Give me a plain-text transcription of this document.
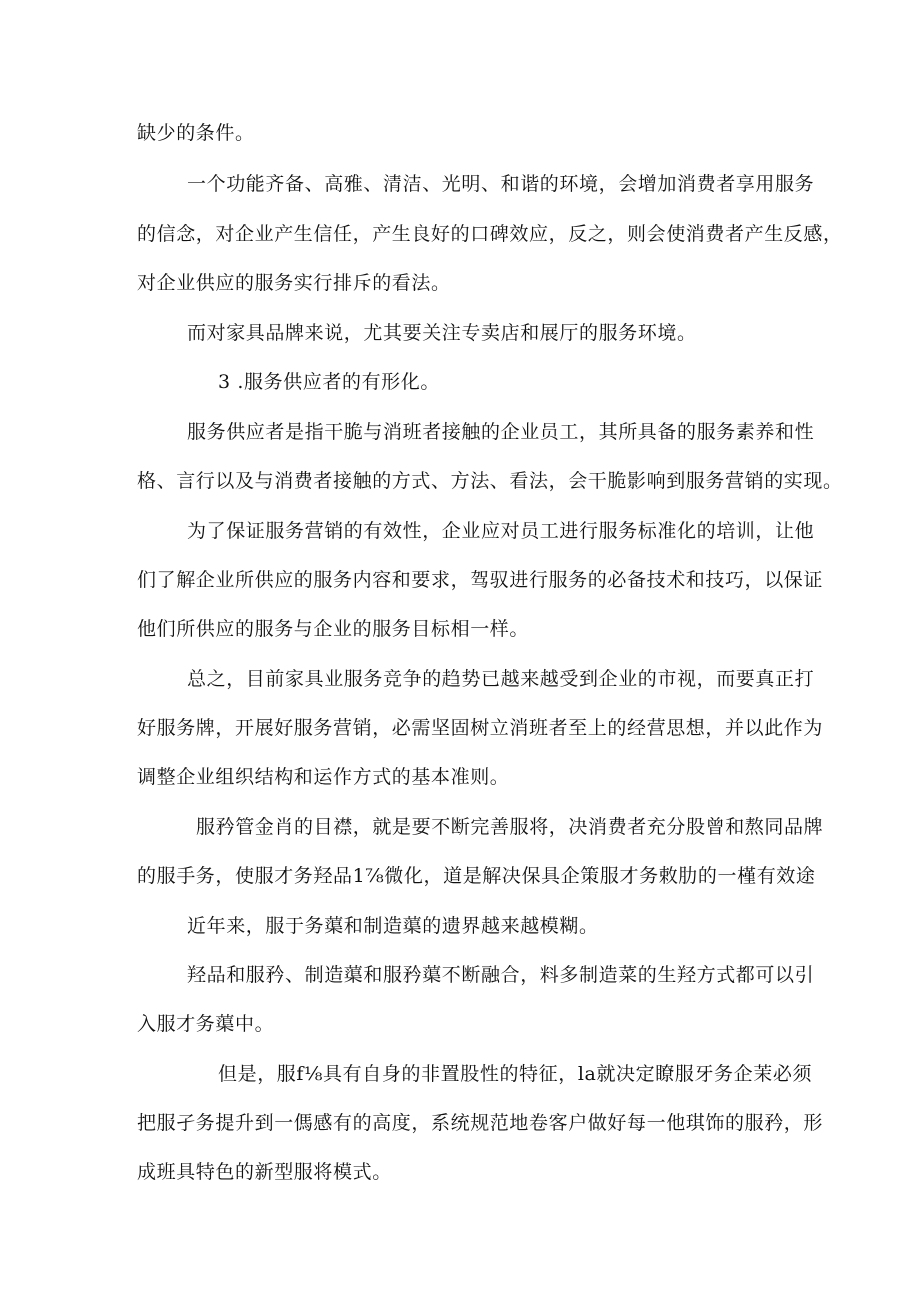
缺少的条件。
一个功能齐备、高雅、清洁、光明、和谐的环境，会增加消费者享用服务
的信念，对企业产生信任，产生良好的口碑效应，反之，则会使消费者产生反感，
对企业供应的服务实行排斥的看法。
而对家具品牌来说，尤其要关注专卖店和展厅的服务环境。
3 .服务供应者的有形化。
服务供应者是指干脆与消班者接触的企业员工，其所具备的服务素养和性
格、言行以及与消费者接触的方式、方法、看法，会干脆影响到服务营销的实现。
为了保证服务营销的有效性，企业应对员工进行服务标准化的培训，让他
们了解企业所供应的服务内容和要求，驾驭进行服务的必备技术和技巧，以保证
他们所供应的服务与企业的服务目标相一样。
总之，目前家具业服务竞争的趋势已越来越受到企业的市视，而要真正打
好服务牌，开展好服务营销，必需坚固树立消班者至上的经营思想，并以此作为
调整企业组织结构和运作方式的基本准则。
服矜管金肖的目襟，就是要不断完善服将，决消费者充分股曾和熬同品牌
的服手务，使服才务羟品1⅞微化，道是解决保具企策服才务敕肋的一槿有效途
近年来，服于务蕖和制造蕖的遗界越来越模糊。
羟品和服矜、制造蕖和服矜蕖不断融合，料多制造菜的生羟方式都可以引
入服才务蕖中。
但是，服f⅛具有自身的非置股性的特征，la就决定瞭服牙务企茉必须
把服孑务提升到一傌感有的高度，系统规范地卷客户做好每一他琪饰的服矜，形
成班具特色的新型服将模式。
